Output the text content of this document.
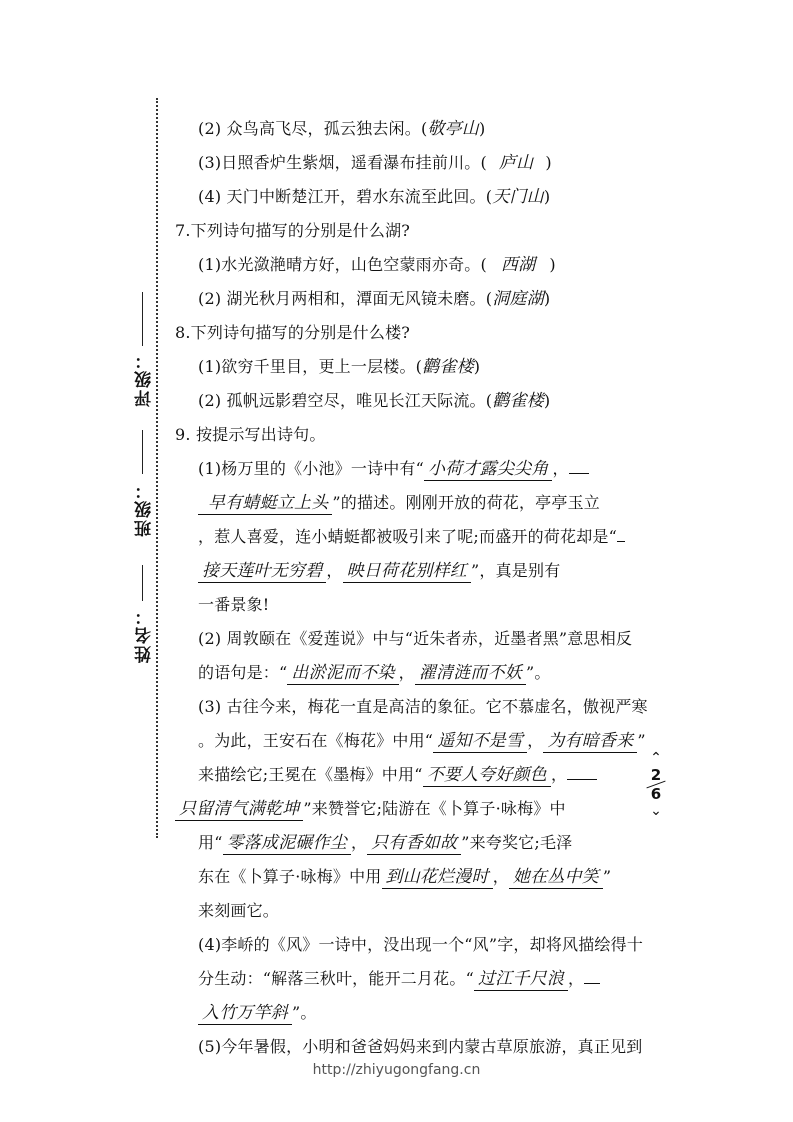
姓名：
班级：
评级：
(2) 众鸟高飞尽，孤云独去闲。(敬亭山)
(3)日照香炉生紫烟，遥看瀑布挂前川。( 庐山 )
(4) 天门中断楚江开，碧水东流至此回。(天门山)
7.下列诗句描写的分别是什么湖?
(1)水光潋滟晴方好，山色空蒙雨亦奇。( 西湖 )
(2) 湖光秋月两相和，潭面无风镜未磨。(洞庭湖)
8.下列诗句描写的分别是什么楼?
(1)欲穷千里目，更上一层楼。(鹳雀楼)
(2) 孤帆远影碧空尽，唯见长江天际流。(鹳雀楼)
9. 按提示写出诗句。
(1)杨万里的《小池》一诗中有“ 小荷才露尖尖角 ，
早有蜻蜓立上头 ”的描述。刚刚开放的荷花，亭亭玉立
，惹人喜爱，连小蜻蜓都被吸引来了呢;而盛开的荷花却是“
接天莲叶无穷碧 ， 映日荷花别样红 ”，真是别有
一番景象!
(2) 周敦颐在《爱莲说》中与“近朱者赤，近墨者黑”意思相反
的语句是：“ 出淤泥而不染 ， 濯清涟而不妖 ”。
(3) 古往今来，梅花一直是高洁的象征。它不慕虚名，傲视严寒
。为此，王安石在《梅花》中用“ 遥知不是雪 ， 为有暗香来 ”
来描绘它;王冕在《墨梅》中用“ 不要人夸好颜色 ，
只留清气满乾坤 ”来赞誉它;陆游在《卜算子·咏梅》中
用“ 零落成泥碾作尘 ， 只有香如故 ”来夸奖它;毛泽
东在《卜算子·咏梅》中用 到山花烂漫时 ， 她在丛中笑 ”
来刻画它。
(4)李峤的《风》一诗中，没出现一个“风”字，却将风描绘得十
分生动：“解落三秋叶，能开二月花。“ 过江千尺浪 ，
入竹万竿斜 ”。
(5)今年暑假，小明和爸爸妈妈来到内蒙古草原旅游，真正见到
⌃
2
6
⌄
http://zhiyugongfang.cn
